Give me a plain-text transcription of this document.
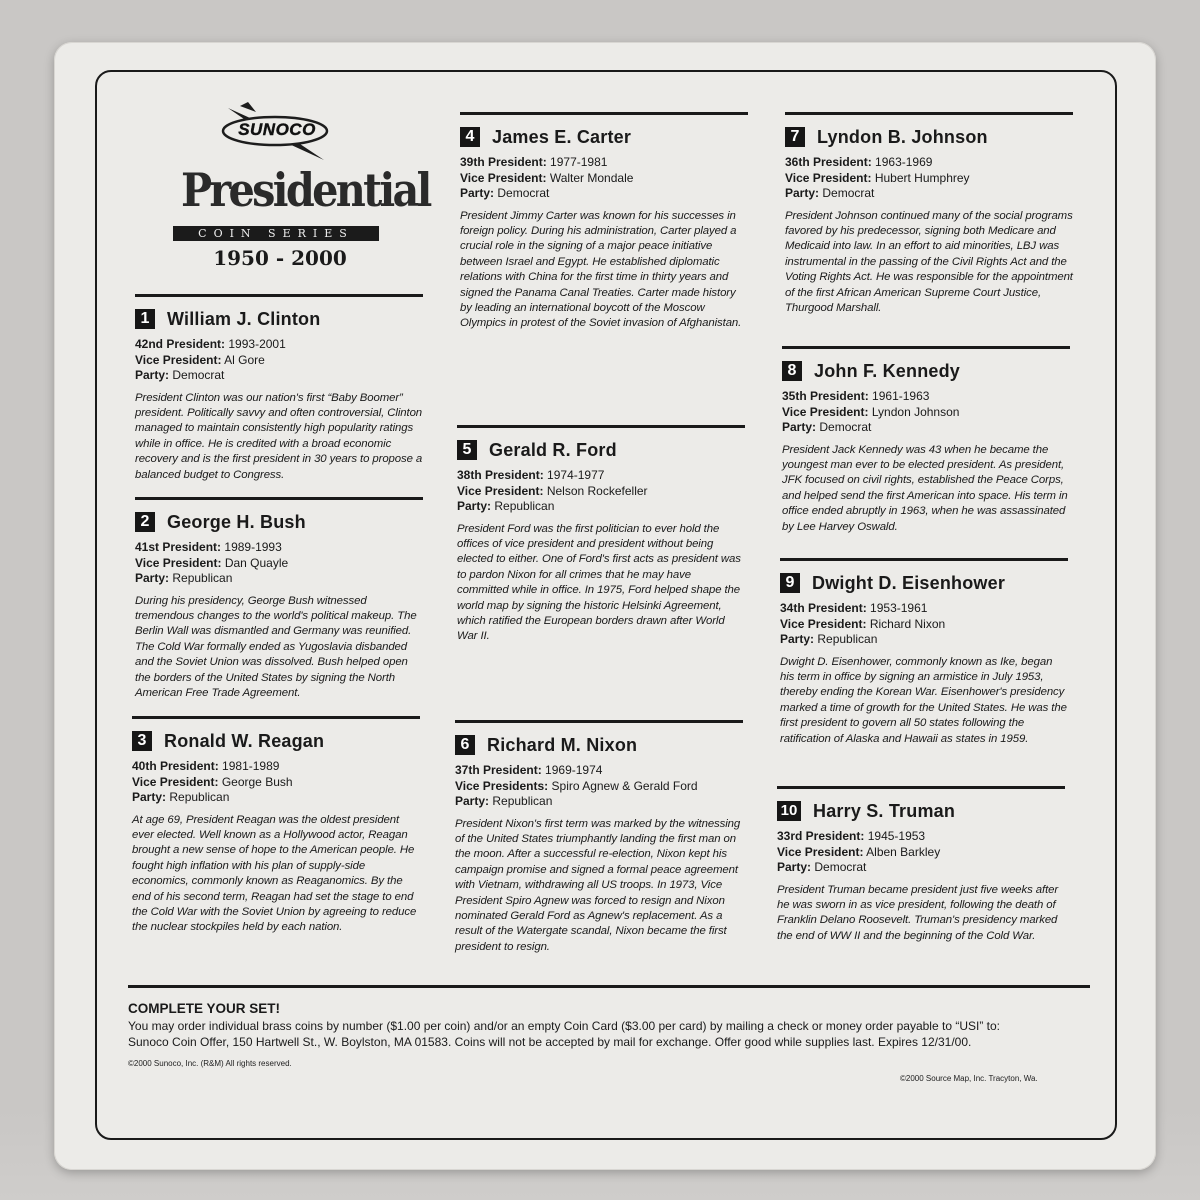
SUNOCO
Presidential
COIN SERIES
1950 - 2000
1 William J. Clinton
42nd President: 1993-2001
Vice President: Al Gore
Party: Democrat
President Clinton was our nation's first “Baby Boomer” president. Politically savvy and often controversial, Clinton managed to maintain consistently high popularity ratings while in office. He is credited with a broad economic recovery and is the first president in 30 years to propose a balanced budget to Congress.
2 George H. Bush
41st President: 1989-1993
Vice President: Dan Quayle
Party: Republican
During his presidency, George Bush witnessed tremendous changes to the world's political makeup. The Berlin Wall was dismantled and Germany was reunified. The Cold War formally ended as Yugoslavia disbanded and the Soviet Union was dissolved. Bush helped open the borders of the United States by signing the North American Free Trade Agreement.
3 Ronald W. Reagan
40th President: 1981-1989
Vice President: George Bush
Party: Republican
At age 69, President Reagan was the oldest president ever elected. Well known as a Hollywood actor, Reagan brought a new sense of hope to the American people. He fought high inflation with his plan of supply-side economics, commonly known as Reaganomics. By the end of his second term, Reagan had set the stage to end the Cold War with the Soviet Union by agreeing to reduce the nuclear stockpiles held by each nation.
4 James E. Carter
39th President: 1977-1981
Vice President: Walter Mondale
Party: Democrat
President Jimmy Carter was known for his successes in foreign policy. During his administration, Carter played a crucial role in the signing of a major peace initiative between Israel and Egypt. He established diplomatic relations with China for the first time in thirty years and signed the Panama Canal Treaties. Carter made history by leading an international boycott of the Moscow Olympics in protest of the Soviet invasion of Afghanistan.
5 Gerald R. Ford
38th President: 1974-1977
Vice President: Nelson Rockefeller
Party: Republican
President Ford was the first politician to ever hold the offices of vice president and president without being elected to either. One of Ford's first acts as president was to pardon Nixon for all crimes that he may have committed while in office. In 1975, Ford helped shape the world map by signing the historic Helsinki Agreement, which ratified the European borders drawn after World War II.
6 Richard M. Nixon
37th President: 1969-1974
Vice Presidents: Spiro Agnew & Gerald Ford
Party: Republican
President Nixon's first term was marked by the witnessing of the United States triumphantly landing the first man on the moon. After a successful re-election, Nixon kept his campaign promise and signed a formal peace agreement with Vietnam, withdrawing all US troops. In 1973, Vice President Spiro Agnew was forced to resign and Nixon nominated Gerald Ford as Agnew's replacement. As a result of the Watergate scandal, Nixon became the first president to resign.
7 Lyndon B. Johnson
36th President: 1963-1969
Vice President: Hubert Humphrey
Party: Democrat
President Johnson continued many of the social programs favored by his predecessor, signing both Medicare and Medicaid into law. In an effort to aid minorities, LBJ was instrumental in the passing of the Civil Rights Act and the Voting Rights Act. He was responsible for the appointment of the first African American Supreme Court Justice, Thurgood Marshall.
8 John F. Kennedy
35th President: 1961-1963
Vice President: Lyndon Johnson
Party: Democrat
President Jack Kennedy was 43 when he became the youngest man ever to be elected president. As president, JFK focused on civil rights, established the Peace Corps, and helped send the first American into space. His term in office ended abruptly in 1963, when he was assassinated by Lee Harvey Oswald.
9 Dwight D. Eisenhower
34th President: 1953-1961
Vice President: Richard Nixon
Party: Republican
Dwight D. Eisenhower, commonly known as Ike, began his term in office by signing an armistice in July 1953, thereby ending the Korean War. Eisenhower's presidency marked a time of growth for the United States. He was the first president to govern all 50 states following the ratification of Alaska and Hawaii as states in 1959.
10 Harry S. Truman
33rd President: 1945-1953
Vice President: Alben Barkley
Party: Democrat
President Truman became president just five weeks after he was sworn in as vice president, following the death of Franklin Delano Roosevelt. Truman's presidency marked the end of WW II and the beginning of the Cold War.
COMPLETE YOUR SET!
You may order individual brass coins by number ($1.00 per coin) and/or an empty Coin Card ($3.00 per card) by mailing a check or money order payable to “USI” to:
Sunoco Coin Offer, 150 Hartwell St., W. Boylston, MA 01583. Coins will not be accepted by mail for exchange. Offer good while supplies last. Expires 12/31/00.
©2000 Sunoco, Inc. (R&M) All rights reserved.
©2000 Source Map, Inc. Tracyton, Wa.
